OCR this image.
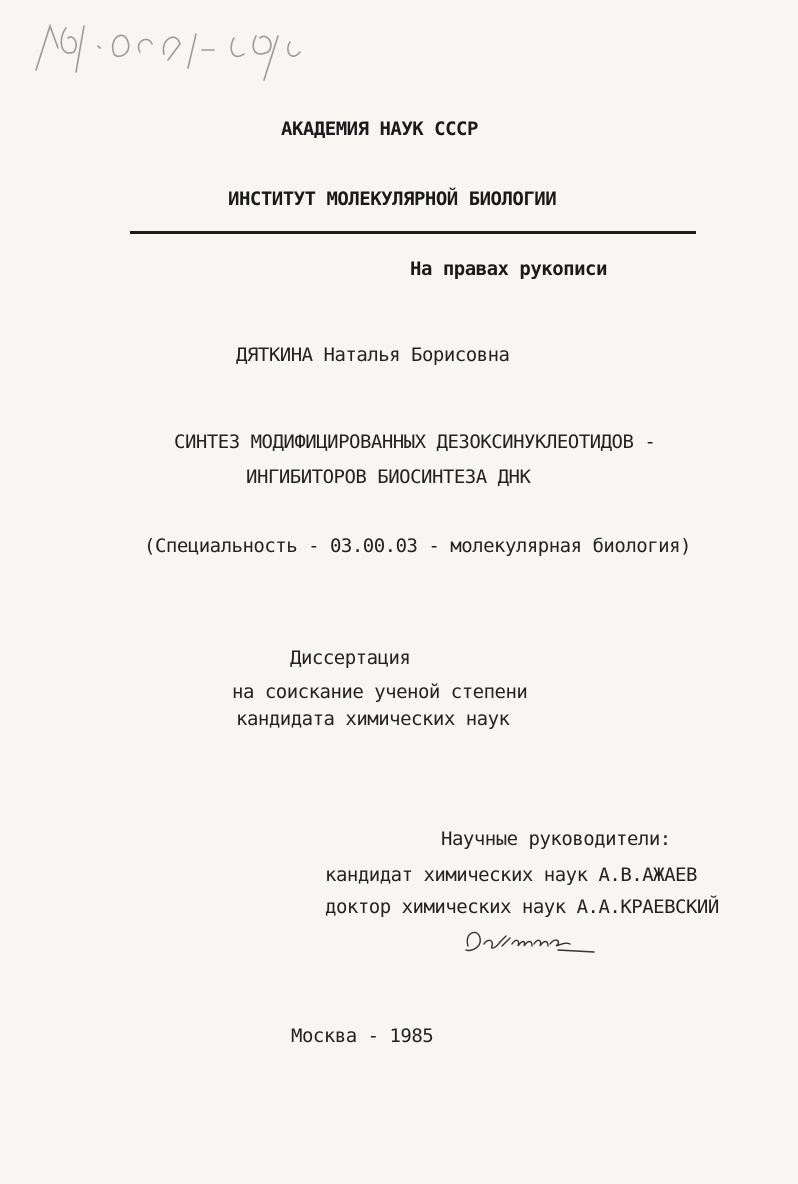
АКАДЕМИЯ НАУК СССР
ИНСТИТУТ МОЛЕКУЛЯРНОЙ БИОЛОГИИ
На правах рукописи
ДЯТКИНА Наталья Борисовна
СИНТЕЗ МОДИФИЦИРОВАННЫХ ДЕЗОКСИНУКЛЕОТИДОВ -
ИНГИБИТОРОВ БИОСИНТЕЗА ДНК
(Специальность - 03.00.03 - молекулярная биология)
Диссертация
на соискание ученой степени
кандидата химических наук
Научные руководители:
кандидат химических наук А.В.АЖАЕВ
доктор химических наук А.А.КРАЕВСКИЙ
Москва - 1985
